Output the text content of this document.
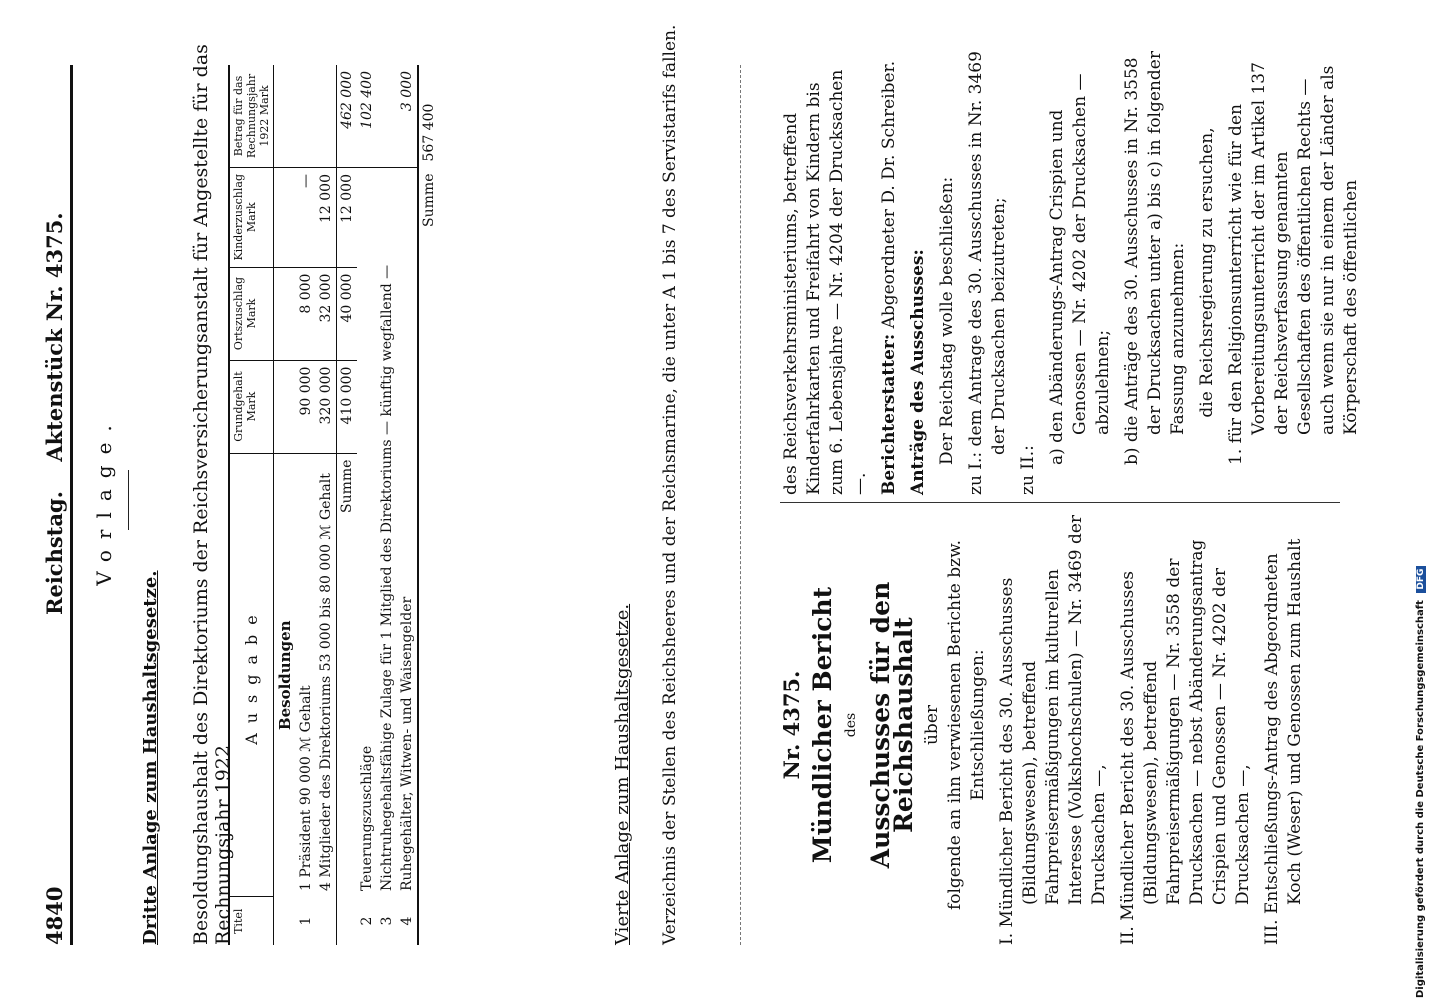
4840
Reichstag. Aktenstück Nr. 4375.
Vorlage.
Dritte Anlage zum Haushaltsgesetze. Besoldungshaushalt des Direktoriums der Reichsversicherungsanstalt für Angestellte für das Rechnungsjahr 1922
Titel	Ausgabe	Grundgehalt Mark	Ortszuschlag Mark	Kinderzuschlag Mark	Betrag für das Rechnungsjahr 1922 Mark
	Besoldungen				
1	1 Präsident 90 000 ℳ Gehalt	90 000	8 000	—	
	4 Mitglieder des Direktoriums 53 000 bis 80 000 ℳ Gehalt	320 000	32 000	12 000	
	Summe	410 000	40 000	12 000	462 000
2	Teuerungszuschläge				102 400
3	Nichtruhegehaltsfähige Zulage für 1 Mitglied des Direktoriums — künftig wegfallend —				
4	Ruhegehälter, Witwen- und Waisengelder				3 000
	Summe				567 400
Vierte Anlage zum Haushaltsgesetze. Verzeichnis der Stellen des Reichsheeres und der Reichsmarine, die unter A 1 bis 7 des Servistarifs fallen.	Nr. 4375. Mündlicher Bericht des Ausschusses für den Reichshaushalt über folgende an ihn verwiesenen Berichte bzw. Entschließungen: I. Mündlicher Bericht des 30. Ausschusses (Bildungswesen), betreffend Fahrpreisermäßigungen im kulturellen Interesse (Volkshochschulen) — Nr. 3469 der Drucksachen —, II. Mündlicher Bericht des 30. Ausschusses (Bildungswesen), betreffend Fahrpreisermäßigungen — Nr. 3558 der Drucksachen — nebst Abänderungsantrag Crispien und Genossen — Nr. 4202 der Drucksachen —, III. Entschließungs-Antrag des Abgeordneten Koch (Weser) und Genossen zum Haushalt

des Reichsverkehrsministeriums, betreffend Kinderfahrkarten und Freifahrt von Kindern bis zum 6. Lebensjahre — Nr. 4204 der Drucksachen —. Berichterstatter: Abgeordneter D. Dr. Schreiber.

Anträge des Ausschusses: Der Reichstag wolle beschließen: zu I.: dem Antrage des 30. Ausschusses in Nr. 3469 der Drucksachen beizutreten;

zu II.:

a) den Abänderungs-Antrag Crispien und Genossen — Nr. 4202 der Drucksachen — abzulehnen; b) die Anträge des 30. Ausschusses in Nr. 3558 der Drucksachen unter a) bis c) in folgender Fassung anzunehmen: die Reichsregierung zu ersuchen, 1. für den Religionsunterricht wie für den Vorbereitungsunterricht der im Artikel 137 der Reichsverfassung genannten Gesellschaften des öffentlichen Rechts — auch wenn sie nur in einem der Länder als Körperschaft des öffentlichen

Digitalisierung gefördert durch die Deutsche Forschungsgemeinschaft DFG
